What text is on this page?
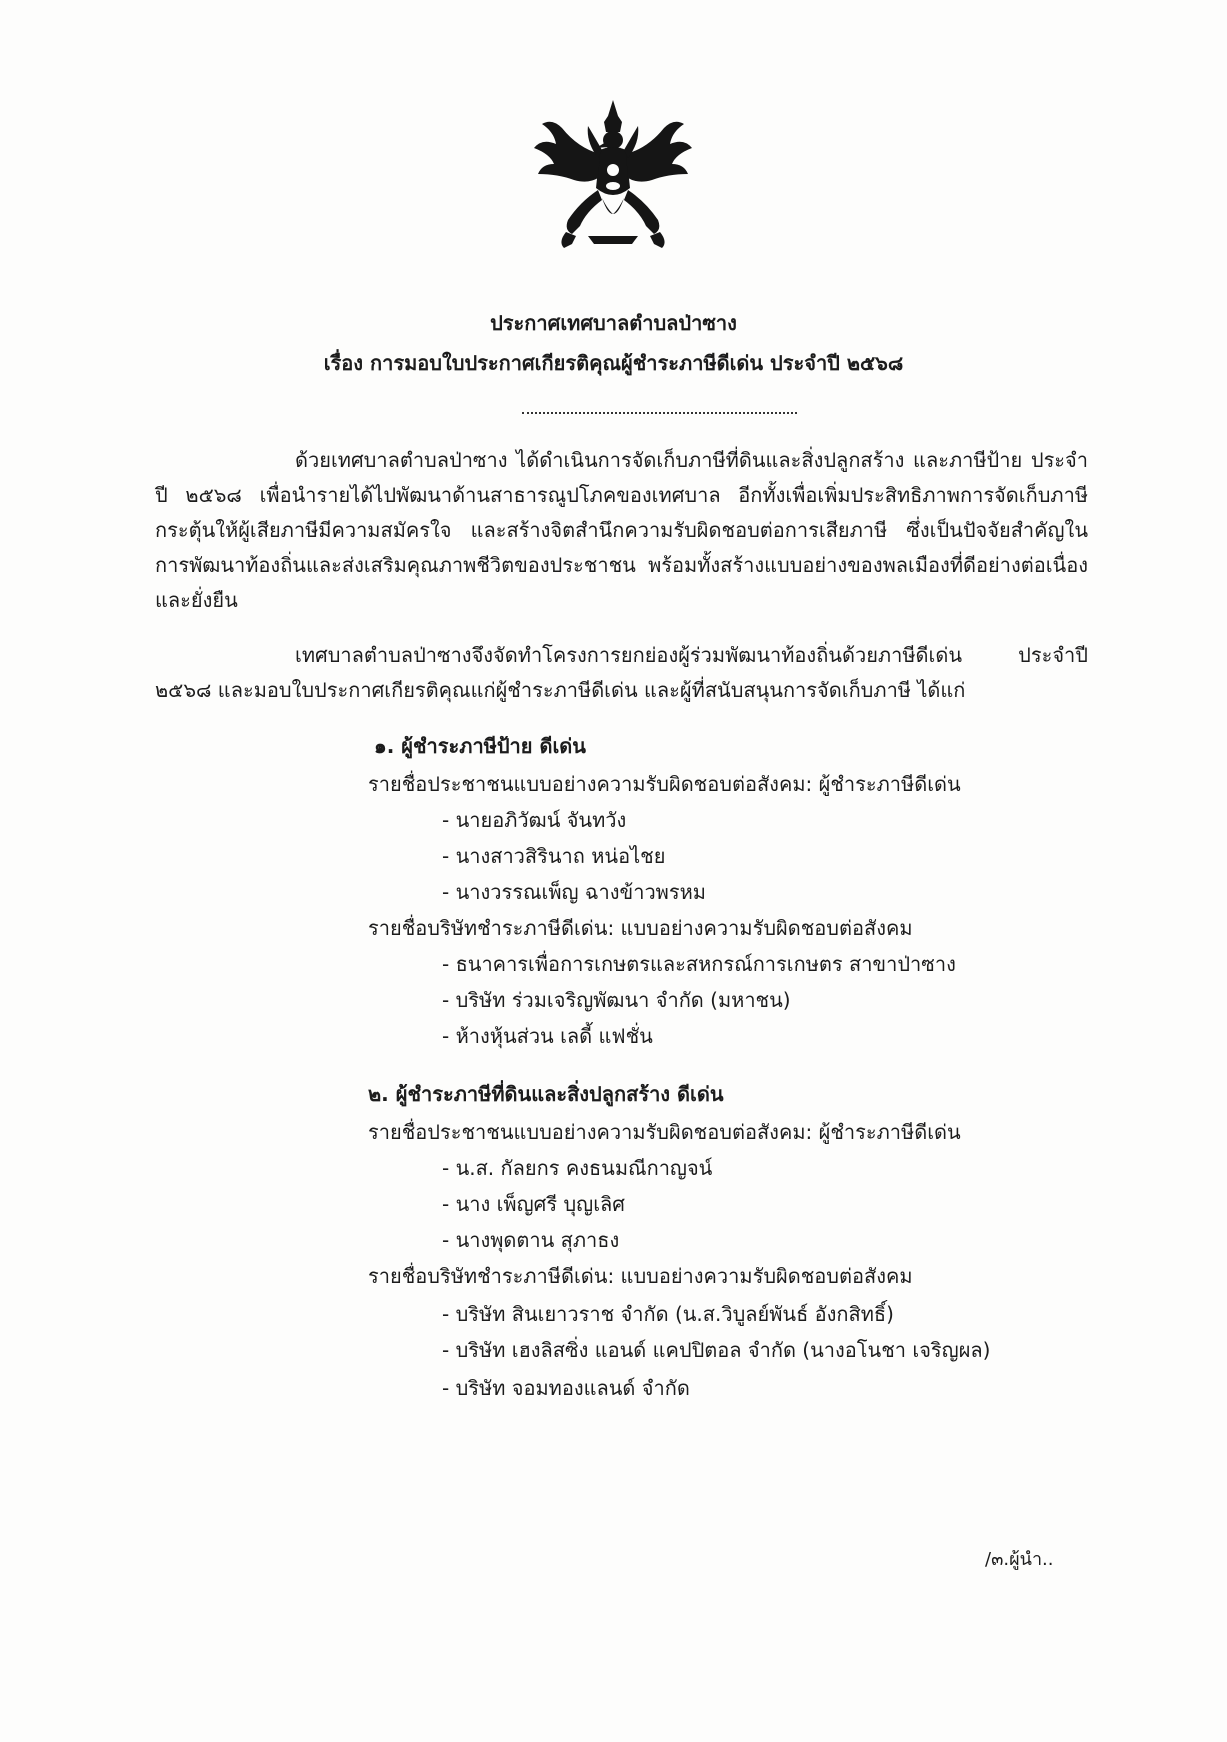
ประกาศเทศบาลตำบลป่าซาง
เรื่อง การมอบใบประกาศเกียรติคุณผู้ชำระภาษีดีเด่น ประจำปี ๒๕๖๘
ด้วยเทศบาลตำบลป่าซาง ได้ดำเนินการจัดเก็บภาษีที่ดินและสิ่งปลูกสร้าง และภาษีป้าย ประจำปี ๒๕๖๘ เพื่อนำรายได้ไปพัฒนาด้านสาธารณูปโภคของเทศบาล อีกทั้งเพื่อเพิ่มประสิทธิภาพการจัดเก็บภาษี กระตุ้นให้ผู้เสียภาษีมีความสมัครใจ และสร้างจิตสำนึกความรับผิดชอบต่อการเสียภาษี ซึ่งเป็นปัจจัยสำคัญในการพัฒนาท้องถิ่นและส่งเสริมคุณภาพชีวิตของประชาชน พร้อมทั้งสร้างแบบอย่างของพลเมืองที่ดีอย่างต่อเนื่องและยั่งยืน
เทศบาลตำบลป่าซางจึงจัดทำโครงการยกย่องผู้ร่วมพัฒนาท้องถิ่นด้วยภาษีดีเด่น ประจำปี ๒๕๖๘ และมอบใบประกาศเกียรติคุณแก่ผู้ชำระภาษีดีเด่น และผู้ที่สนับสนุนการจัดเก็บภาษี ได้แก่
๑. ผู้ชำระภาษีป้าย ดีเด่น
รายชื่อประชาชนแบบอย่างความรับผิดชอบต่อสังคม: ผู้ชำระภาษีดีเด่น
- นายอภิวัฒน์ จันทวัง
- นางสาวสิรินาถ หน่อไชย
- นางวรรณเพ็ญ ฉางข้าวพรหม
รายชื่อบริษัทชำระภาษีดีเด่น: แบบอย่างความรับผิดชอบต่อสังคม
- ธนาคารเพื่อการเกษตรและสหกรณ์การเกษตร สาขาป่าซาง
- บริษัท ร่วมเจริญพัฒนา จำกัด (มหาชน)
- ห้างหุ้นส่วน เลดี้ แฟชั่น
๒. ผู้ชำระภาษีที่ดินและสิ่งปลูกสร้าง ดีเด่น
รายชื่อประชาชนแบบอย่างความรับผิดชอบต่อสังคม: ผู้ชำระภาษีดีเด่น
- น.ส. กัลยกร คงธนมณีกาญจน์
- นาง เพ็ญศรี บุญเลิศ
- นางพุดตาน สุภาธง
รายชื่อบริษัทชำระภาษีดีเด่น: แบบอย่างความรับผิดชอบต่อสังคม
- บริษัท สินเยาวราช จำกัด (น.ส.วิบูลย์พันธ์ อังกสิทธิ์)
- บริษัท เฮงลิสซิ่ง แอนด์ แคปปิตอล จำกัด (นางอโนชา เจริญผล)
- บริษัท จอมทองแลนด์ จำกัด
/๓.ผู้นำ..
